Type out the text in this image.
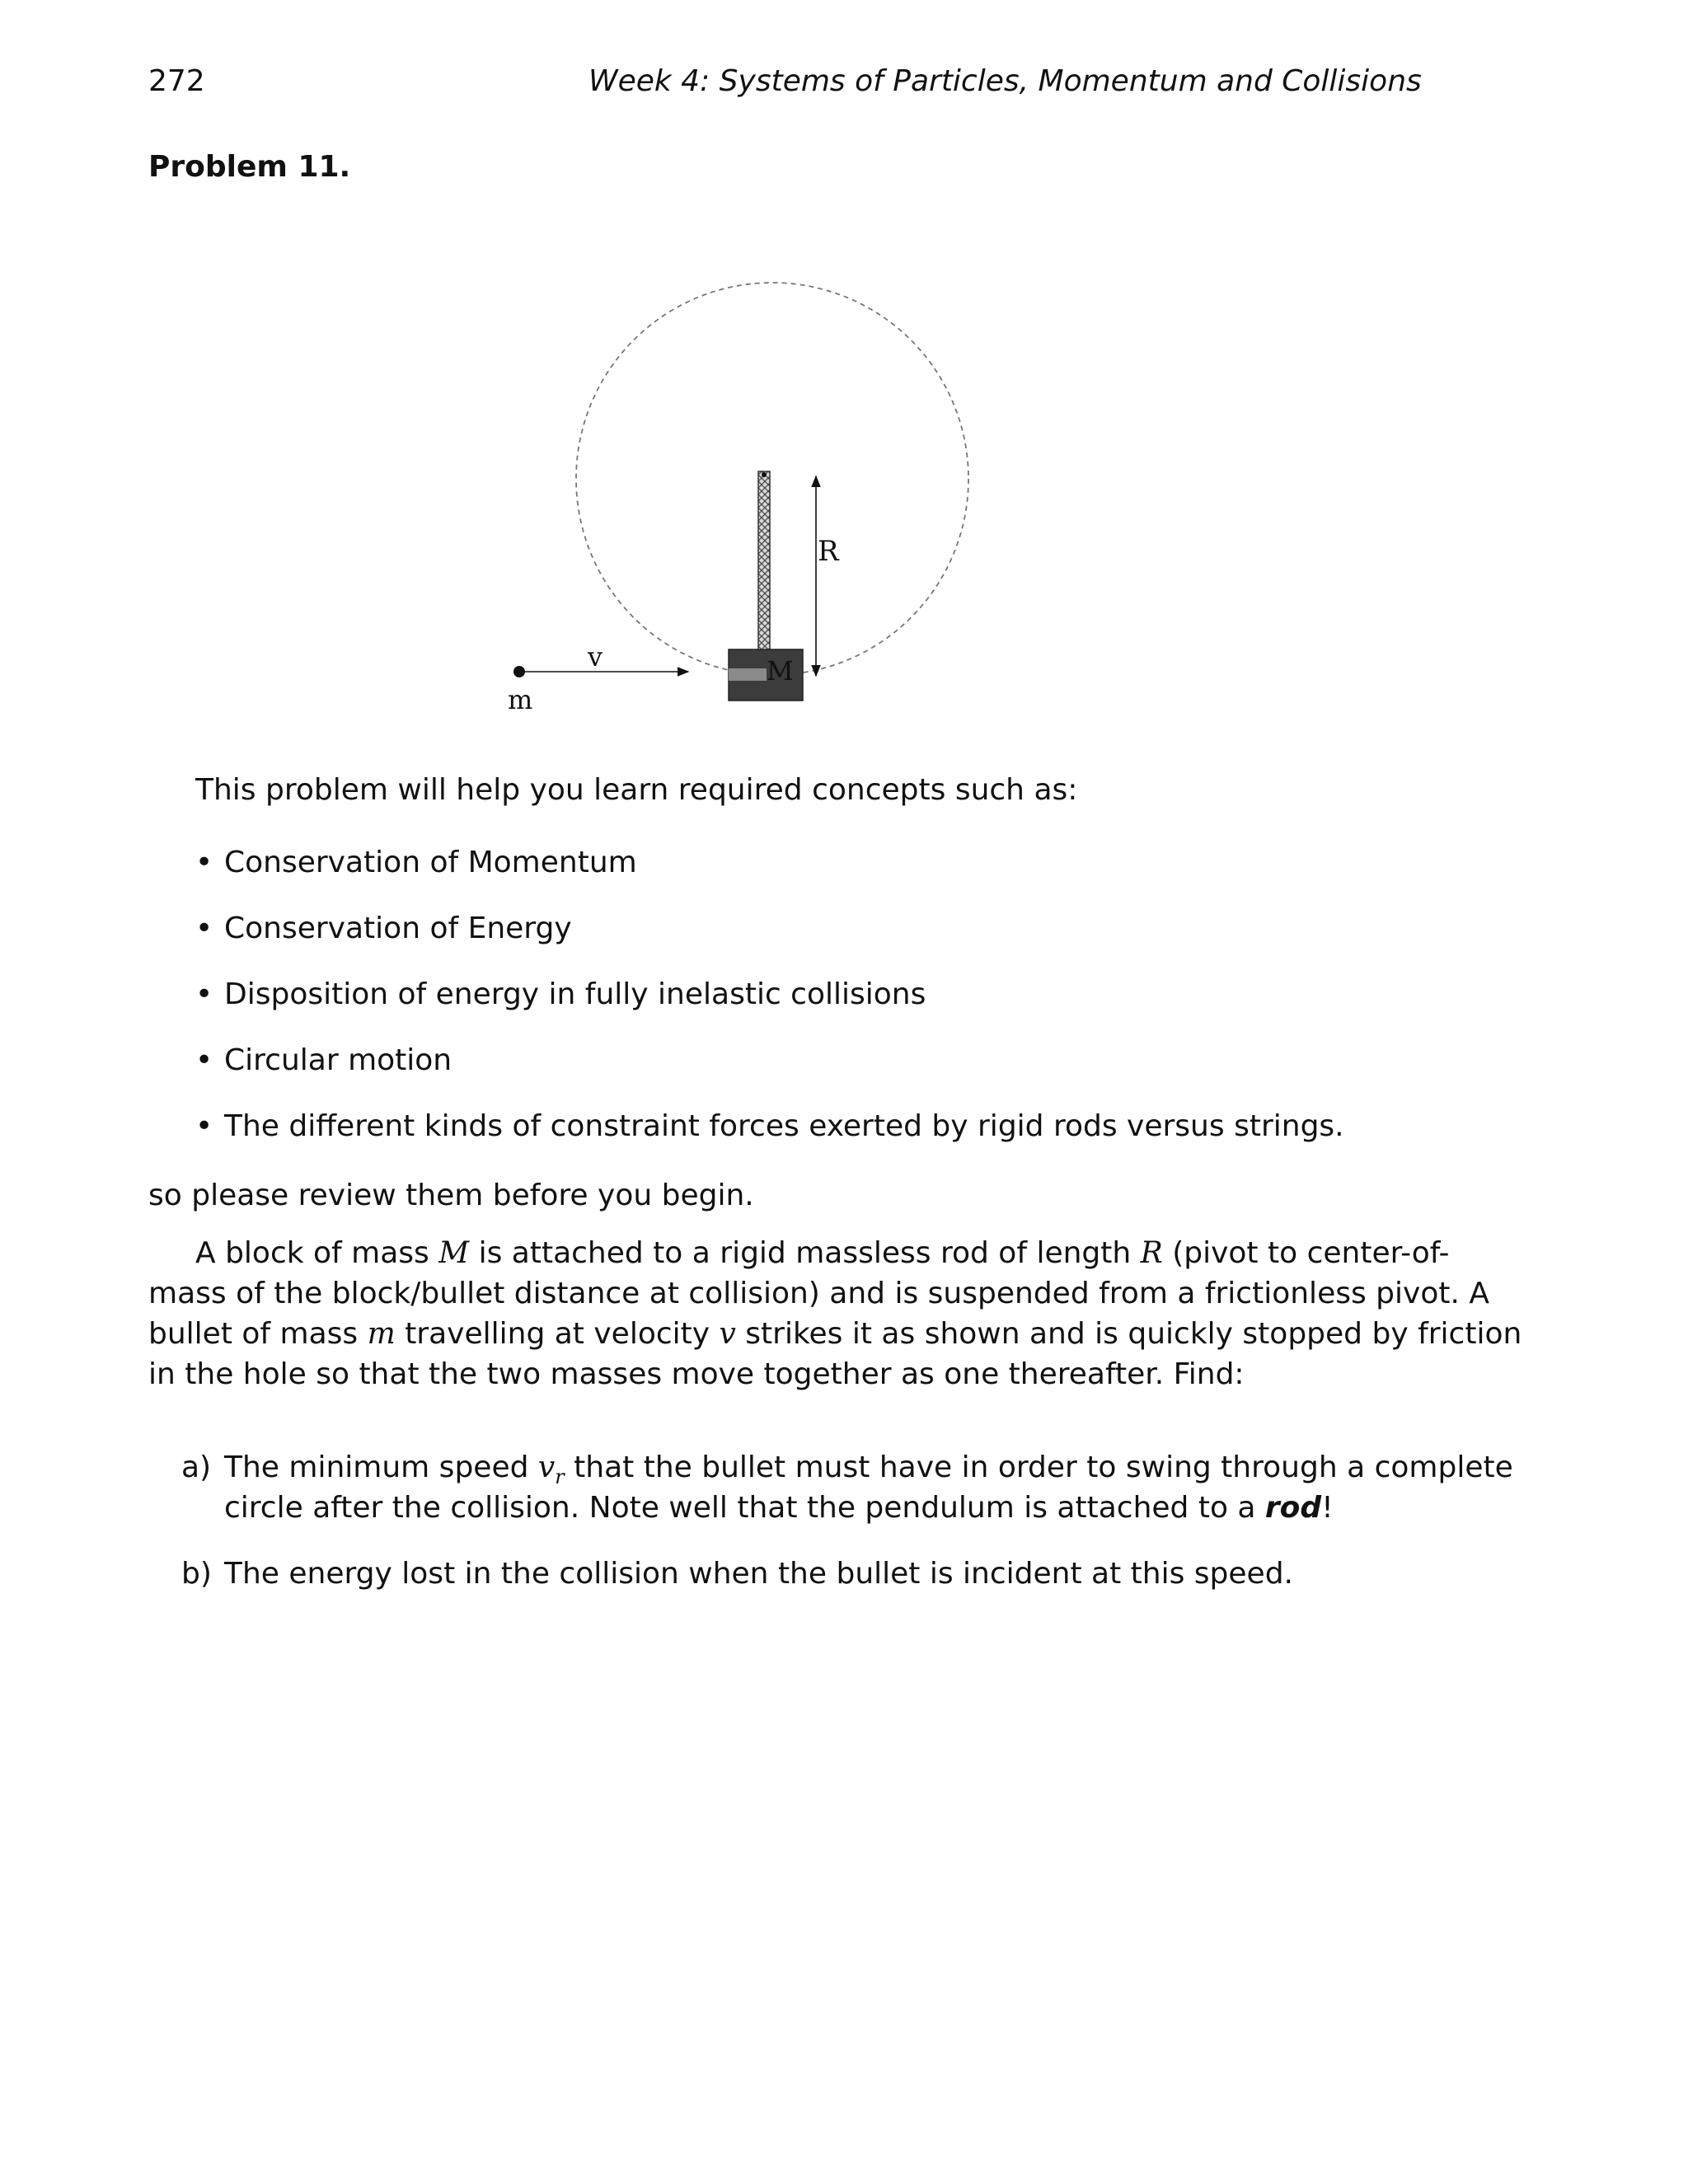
272	Week 4: Systems of Particles, Momentum and Collisions
Problem 11.
R
v	M
m
This problem will help you learn required concepts such as:
• Conservation of Momentum
• Conservation of Energy
• Disposition of energy in fully inelastic collisions
• Circular motion
• The different kinds of constraint forces exerted by rigid rods versus strings.
so please review them before you begin.
A block of mass M is attached to a rigid massless rod of length R (pivot to center-of-
mass of the block/bullet distance at collision) and is suspended from a frictionless pivot. A
bullet of mass m travelling at velocity v strikes it as shown and is quickly stopped by friction
in the hole so that the two masses move together as one thereafter. Find:
a) The minimum speed $v_r$ that the bullet must have in order to swing through a complete
circle after the collision. Note well that the pendulum is attached to a rod!
b) The energy lost in the collision when the bullet is incident at this speed.
